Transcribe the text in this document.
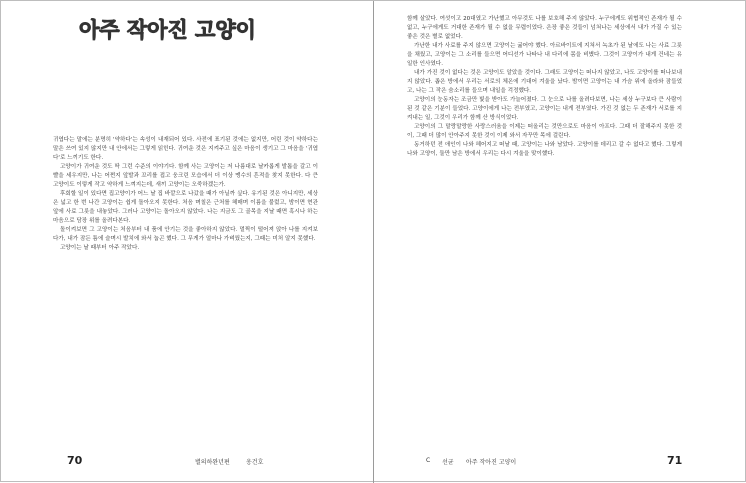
아주 작아진 고양이

귀엽다는 말에는 분명히 '약하다'는 속성이 내재되어 있다. 사전에 표기된 것에는 없지만, 어린 것이 약하다는 말은 쓰여 있지 않지만 내 안에서는 그렇게 읽힌다. 귀여운 것은 지켜주고 싶은 마음이 생기고 그 마음을 '귀엽다'로 느끼기도 한다.

고양이가 귀여운 것도 딱 그런 수준의 이야기다. 함께 사는 고양이는 저 나름대로 날카롭게 발톱을 갈고 이빨을 세우지만, 나는 어쩐지 앞발과 꼬리를 접고 웅크린 모습에서 더 이상 맹수의 흔적을 찾지 못한다. 다 큰 고양이도 이렇게 작고 약하게 느껴지는데, 새끼 고양이는 오죽하겠는가.

후회할 일이 있다면 집고양이가 어느 날 집 바깥으로 나갔을 때가 아닐까 싶다. 유기된 것은 아니지만, 세상은 넓고 한 번 나간 고양이는 쉽게 돌아오지 못한다. 처음 며칠은 근처를 헤매며 이름을 불렀고, 밤이면 현관 앞에 사료 그릇을 내놓았다. 그러나 고양이는 돌아오지 않았다. 나는 지금도 그 골목을 지날 때면 혹시나 하는 마음으로 담장 위를 올려다본다.

돌이켜보면 그 고양이는 처음부터 내 품에 안기는 것을 좋아하지 않았다. 멀찍이 떨어져 앉아 나를 지켜보다가, 내가 잠든 틈에 슬며시 발치에 와서 눕곤 했다. 그 무게가 얼마나 가벼웠는지, 그때는 미처 알지 못했다.

고양이는 날 때부터 아주 작았다.

70	별의하완년편	옹건호

함께 살았다. 여섯이고 20대였고 가난했고 아무것도 나를 보호해 주지 않았다. 누구에게도 위협적인 존재가 될 수 없고, 누구에게도 거대한 존재가 될 수 없을 무렵이었다. 은장 좋은 것들이 넘쳐나는 세상에서 내가 가질 수 있는 좋은 것은 별로 없었다.

가난한 내가 사료를 주지 않으면 고양이는 굶어야 했다. 아르바이트에 지쳐서 녹초가 된 날에도 나는 사료 그릇을 채웠고, 고양이는 그 소리를 들으면 어디선가 나타나 내 다리에 몸을 비볐다. 그것이 고양이가 내게 건네는 유일한 인사였다.

내가 가진 것이 없다는 것은 고양이도 알았을 것이다. 그래도 고양이는 떠나지 않았고, 나도 고양이를 떠나보내지 않았다. 좁은 방에서 우리는 서로의 체온에 기대어 겨울을 났다. 밤이면 고양이는 내 가슴 위에 올라와 잠들었고, 나는 그 작은 숨소리를 들으며 내일을 걱정했다.

고양이의 눈동자는 조금만 빛을 받아도 가늘어졌다. 그 눈으로 나를 올려다보면, 나는 세상 누구보다 큰 사람이 된 것 같은 기분이 들었다. 고양이에게 나는 전부였고, 고양이는 내게 전부였다. 가진 것 없는 두 존재가 서로를 지켜내는 일, 그것이 우리가 함께 산 방식이었다.

고양이의 그 말랑말랑한 사랑스러움을 이제는 떠올리는 것만으로도 마음이 아프다. 그때 더 잘해주지 못한 것이, 그때 더 많이 안아주지 못한 것이 이제 와서 자꾸만 목에 걸린다.

동거하던 전 애인이 나와 헤어지고 떠날 때, 고양이는 나와 남았다. 고양이를 데리고 갈 수 없다고 했다. 그렇게 나와 고양이, 둘만 남은 방에서 우리는 다시 겨울을 맞이했다.

C 선균 아주 작아진 고양이	71
